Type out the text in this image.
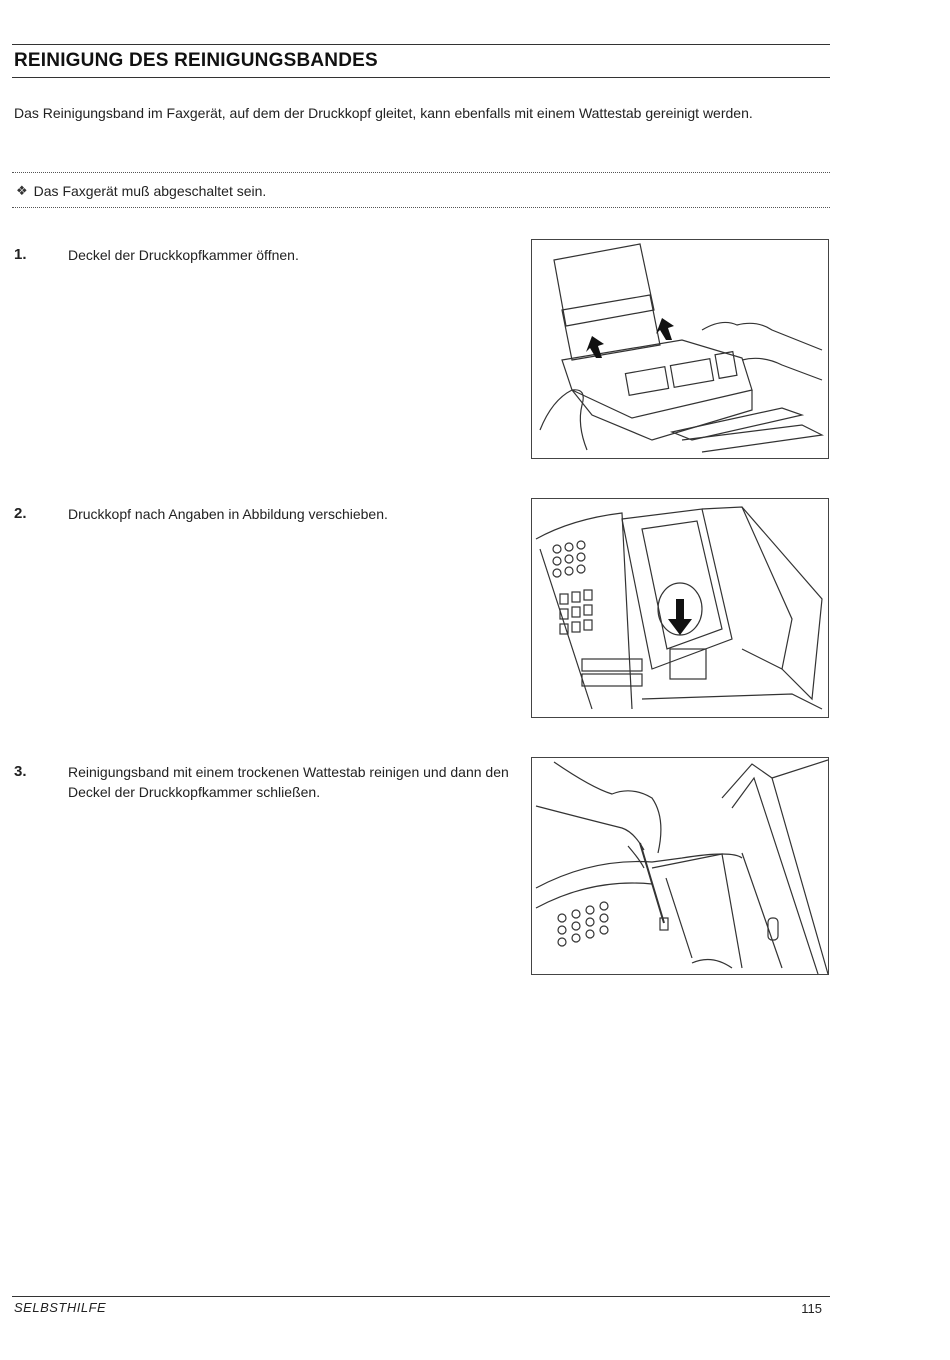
REINIGUNG DES REINIGUNGSBANDES

Das Reinigungsband im Faxgerät, auf dem der Druckkopf gleitet, kann ebenfalls mit einem Wattestab gereinigt werden.

❖ Das Faxgerät muß abgeschaltet sein.
1.	Deckel der Druckkopfkammer öffnen.
2.	Druckkopf nach Angaben in Abbildung verschieben.
3.	Reinigungsband mit einem trockenen Wattestab reinigen und dann den Deckel der Druckkopfkammer schließen.
SELBSTHILFE	115
